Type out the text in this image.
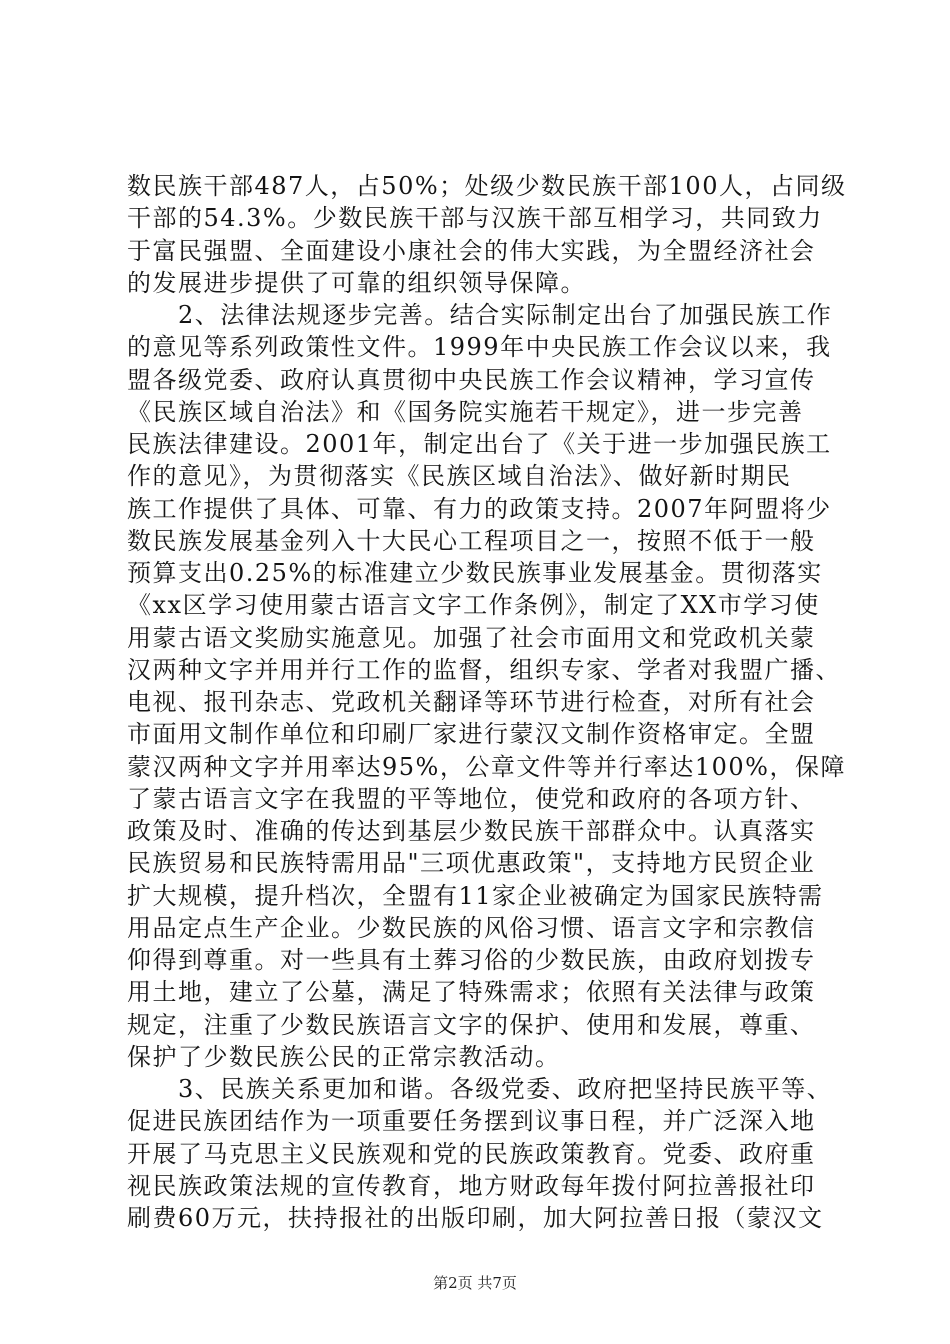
数民族干部487人，占50%；处级少数民族干部100人，占同级
干部的54.3%。少数民族干部与汉族干部互相学习，共同致力
于富民强盟、全面建设小康社会的伟大实践，为全盟经济社会
的发展进步提供了可靠的组织领导保障。
　　2、法律法规逐步完善。结合实际制定出台了加强民族工作
的意见等系列政策性文件。1999年中央民族工作会议以来，我
盟各级党委、政府认真贯彻中央民族工作会议精神，学习宣传
《民族区域自治法》和《国务院实施若干规定》，进一步完善
民族法律建设。2001年，制定出台了《关于进一步加强民族工
作的意见》，为贯彻落实《民族区域自治法》、做好新时期民
族工作提供了具体、可靠、有力的政策支持。2007年阿盟将少
数民族发展基金列入十大民心工程项目之一，按照不低于一般
预算支出0.25%的标准建立少数民族事业发展基金。贯彻落实
《xx区学习使用蒙古语言文字工作条例》，制定了XX市学习使
用蒙古语文奖励实施意见。加强了社会市面用文和党政机关蒙
汉两种文字并用并行工作的监督，组织专家、学者对我盟广播、
电视、报刊杂志、党政机关翻译等环节进行检查，对所有社会
市面用文制作单位和印刷厂家进行蒙汉文制作资格审定。全盟
蒙汉两种文字并用率达95%，公章文件等并行率达100%，保障
了蒙古语言文字在我盟的平等地位，使党和政府的各项方针、
政策及时、准确的传达到基层少数民族干部群众中。认真落实
民族贸易和民族特需用品"三项优惠政策"，支持地方民贸企业
扩大规模，提升档次，全盟有11家企业被确定为国家民族特需
用品定点生产企业。少数民族的风俗习惯、语言文字和宗教信
仰得到尊重。对一些具有土葬习俗的少数民族，由政府划拨专
用土地，建立了公墓，满足了特殊需求；依照有关法律与政策
规定，注重了少数民族语言文字的保护、使用和发展，尊重、
保护了少数民族公民的正常宗教活动。
　　3、民族关系更加和谐。各级党委、政府把坚持民族平等、
促进民族团结作为一项重要任务摆到议事日程，并广泛深入地
开展了马克思主义民族观和党的民族政策教育。党委、政府重
视民族政策法规的宣传教育，地方财政每年拨付阿拉善报社印
刷费60万元，扶持报社的出版印刷，加大阿拉善日报（蒙汉文
第2页 共7页
